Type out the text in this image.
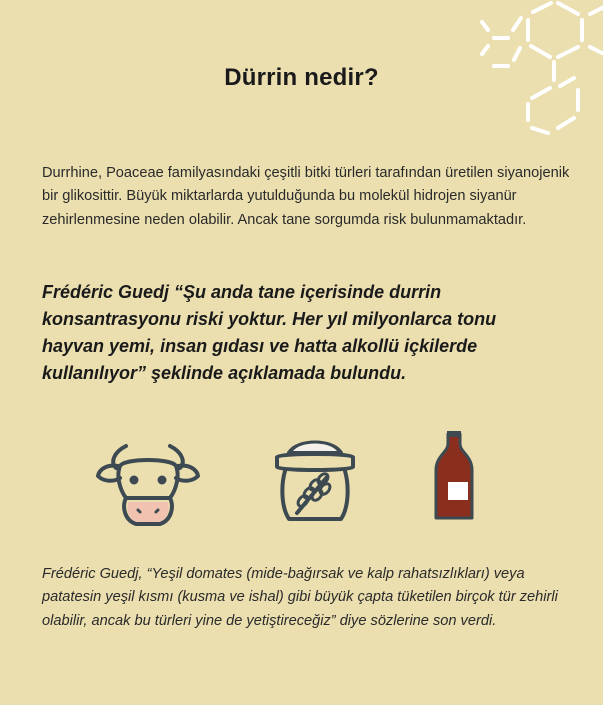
Dürrin nedir?

Durrhine, Poaceae familyasındaki çeşitli bitki türleri tarafından üretilen siyanojenik bir glikosittir. Büyük miktarlarda yutulduğunda bu molekül hidrojen siyanür zehirlenmesine neden olabilir. Ancak tane sorgumda risk bulunmamaktadır.

Frédéric Guedj “Şu anda tane içerisinde durrin konsantrasyonu riski yoktur. Her yıl milyonlarca tonu hayvan yemi, insan gıdası ve hatta alkollü içkilerde kullanılıyor” şeklinde açıklamada bulundu.

Frédéric Guedj, “Yeşil domates (mide-bağırsak ve kalp rahatsızlıkları) veya patatesin yeşil kısmı (kusma ve ishal) gibi büyük çapta tüketilen birçok tür zehirli olabilir, ancak bu türleri yine de yetiştireceğiz” diye sözlerine son verdi.
